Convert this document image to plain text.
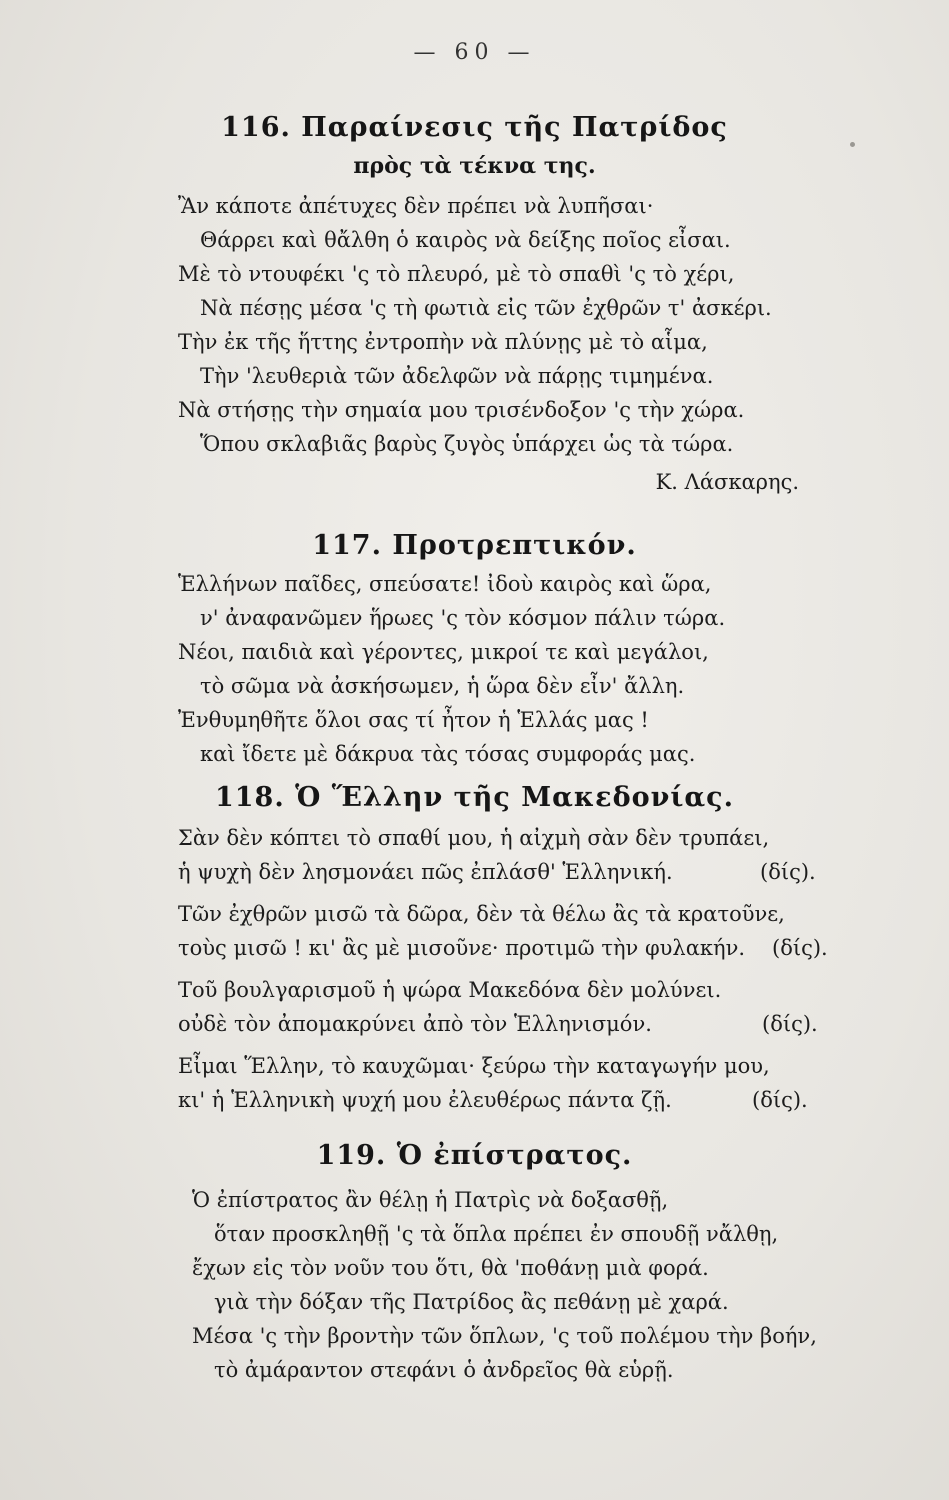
— 60 —
116. Παραίνεσις τῆς Πατρίδος
πρὸς τὰ τέκνα της.
Ἂν κάποτε ἀπέτυχες δὲν πρέπει νὰ λυπῆσαι·
Θάρρει καὶ θἄλθη ὁ καιρὸς νὰ δείξης ποῖος εἶσαι.
Μὲ τὸ ντουφέκι 'ς τὸ πλευρό, μὲ τὸ σπαθὶ 'ς τὸ χέρι,
Νὰ πέσῃς μέσα 'ς τὴ φωτιὰ εἰς τῶν ἐχθρῶν τ' ἀσκέρι.
Τὴν ἐκ τῆς ἥττης ἐντροπὴν νὰ πλύνῃς μὲ τὸ αἷμα,
Τὴν 'λευθεριὰ τῶν ἀδελφῶν νὰ πάρῃς τιμημένα.
Νὰ στήσῃς τὴν σημαία μου τρισένδοξον 'ς τὴν χώρα.
Ὅπου σκλαβιᾶς βαρὺς ζυγὸς ὑπάρχει ὡς τὰ τώρα.
Κ. Λάσκαρης.
117. Προτρεπτικόν.
Ἑλλήνων παῖδες, σπεύσατε! ἰδοὺ καιρὸς καὶ ὥρα,
ν' ἀναφανῶμεν ἥρωες 'ς τὸν κόσμον πάλιν τώρα.
Νέοι, παιδιὰ καὶ γέροντες, μικροί τε καὶ μεγάλοι,
τὸ σῶμα νὰ ἀσκήσωμεν, ἡ ὥρα δὲν εἶν' ἄλλη.
Ἐνθυμηθῆτε ὅλοι σας τί ἦτον ἡ Ἑλλάς μας !
καὶ ἴδετε μὲ δάκρυα τὰς τόσας συμφοράς μας.
118. Ὁ Ἕλλην τῆς Μακεδονίας.
Σὰν δὲν κόπτει τὸ σπαθί μου, ἡ αἰχμὴ σὰν δὲν τρυπάει,
ἡ ψυχὴ δὲν λησμονάει πῶς ἐπλάσθ' Ἑλληνική.	(δίς).
Τῶν ἐχθρῶν μισῶ τὰ δῶρα, δὲν τὰ θέλω ἂς τὰ κρατοῦνε,
τοὺς μισῶ ! κι' ἂς μὲ μισοῦνε· προτιμῶ τὴν φυλακήν. (δίς).
Τοῦ βουλγαρισμοῦ ἡ ψώρα Μακεδόνα δὲν μολύνει.
οὐδὲ τὸν ἀπομακρύνει ἀπὸ τὸν Ἑλληνισμόν.	(δίς).
Εἶμαι Ἕλλην, τὸ καυχῶμαι· ξεύρω τὴν καταγωγήν μου,
κι' ἡ Ἑλληνικὴ ψυχή μου ἐλευθέρως πάντα ζῇ.	(δίς).
119. Ὁ ἐπίστρατος.
Ὁ ἐπίστρατος ἂν θέλῃ ἡ Πατρὶς νὰ δοξασθῇ,
ὅταν προσκληθῇ 'ς τὰ ὅπλα πρέπει ἐν σπουδῇ νἄλθῃ,
ἔχων εἰς τὸν νοῦν του ὅτι, θὰ 'ποθάνῃ μιὰ φορά.
γιὰ τὴν δόξαν τῆς Πατρίδος ἂς πεθάνῃ μὲ χαρά.
Μέσα 'ς τὴν βροντὴν τῶν ὅπλων, 'ς τοῦ πολέμου τὴν βοήν,
τὸ ἀμάραντον στεφάνι ὁ ἀνδρεῖος θὰ εὑρῇ.
